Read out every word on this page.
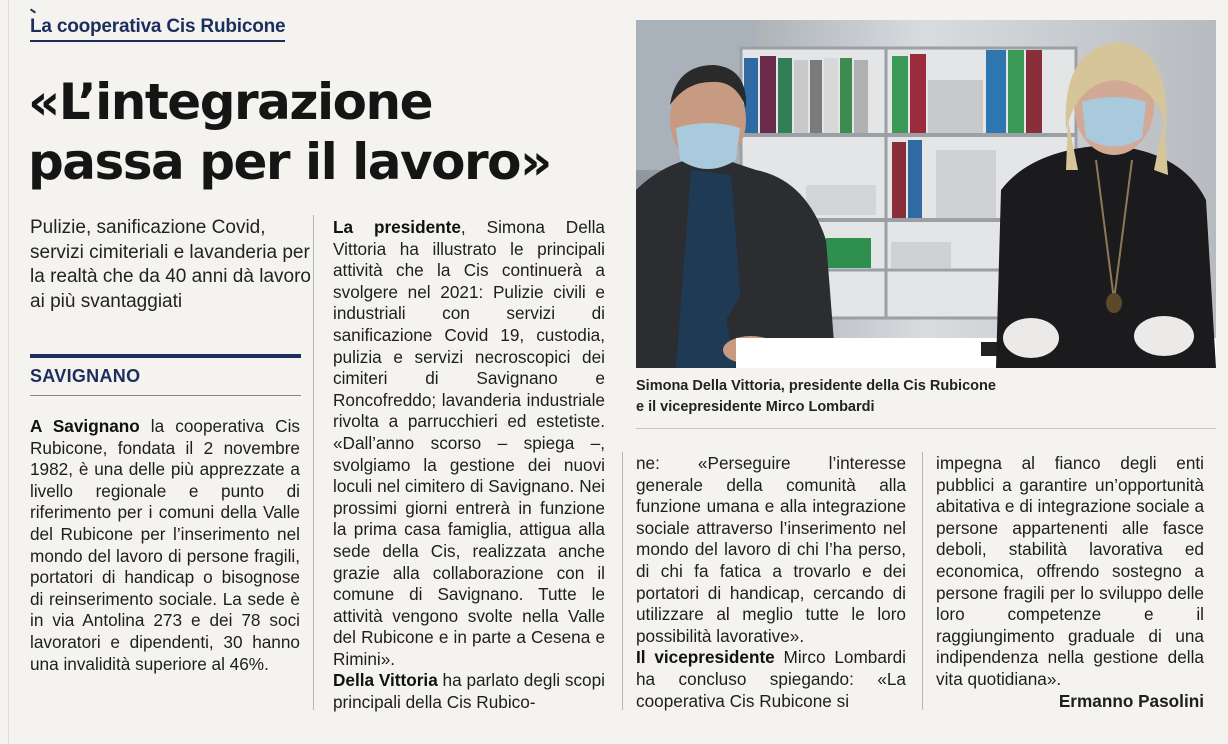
La cooperativa Cis Rubicone
«L’integrazione
passa per il lavoro»
Pulizie, sanificazione Covid, servizi cimiteriali e lavanderia per la realtà che da 40 anni dà lavoro ai più svantaggiati
SAVIGNANO

A Savignano la cooperativa Cis Rubicone, fondata il 2 novembre 1982, è una delle più apprezzate a livello regionale e punto di riferimento per i comuni della Valle del Rubicone per l’inserimento nel mondo del lavoro di persone fragili, portatori di handicap o bisognose di reinserimento sociale. La sede è in via Antolina 273 e dei 78 soci lavoratori e dipendenti, 30 hanno una invalidità superiore al 46%.

La presidente, Simona Della Vittoria ha illustrato le principali attività che la Cis continuerà a svolgere nel 2021: Pulizie civili e industriali con servizi di sanificazione Covid 19, custodia, pulizia e servizi necroscopici dei cimiteri di Savignano e Roncofreddo; lavanderia industriale rivolta a parrucchieri ed estetiste. «Dall’anno scorso – spiega –, svolgiamo la gestione dei nuovi loculi nel cimitero di Savignano. Nei prossimi giorni entrerà in funzione la prima casa famiglia, attigua alla sede della Cis, realizzata anche grazie alla collaborazione con il comune di Savignano. Tutte le attività vengono svolte nella Valle del Rubicone e in parte a Cesena e Rimini».

Della Vittoria ha parlato degli scopi principali della Cis Rubico-

ne: «Perseguire l’interesse generale della comunità alla funzione umana e alla integrazione sociale attraverso l’inserimento nel mondo del lavoro di chi l’ha perso, di chi fa fatica a trovarlo e dei portatori di handicap, cercando di utilizzare al meglio tutte le loro possibilità lavorative».

Il vicepresidente Mirco Lombardi ha concluso spiegando: «La cooperativa Cis Rubicone si

impegna al fianco degli enti pubblici a garantire un’opportunità abitativa e di integrazione sociale a persone appartenenti alle fasce deboli, stabilità lavorativa ed economica, offrendo sostegno a persone fragili per lo sviluppo delle loro competenze e il raggiungimento graduale di una indipendenza nella gestione della vita quotidiana».

Ermanno Pasolini

Simona Della Vittoria, presidente della Cis Rubicone
e il vicepresidente Mirco Lombardi
